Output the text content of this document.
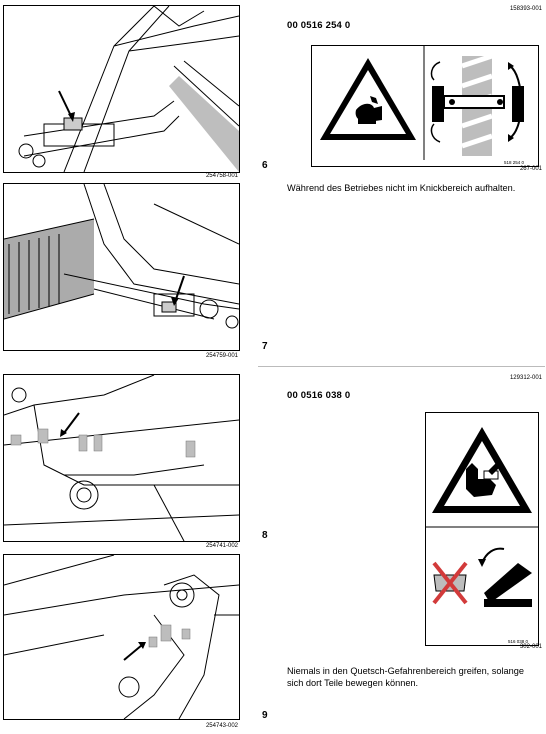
254758-001
6
254759-001
7
254741-002
8
254743-002
9
158393-001
00 0516 254 0
518 254 0
267-001
Während des Betriebes nicht im Knickbereich aufhalten.
129312-001
00 0516 038 0
516 038 0
302-001
Niemals in den Quetsch-Gefahrenbereich greifen, solange sich dort Teile bewegen können.
